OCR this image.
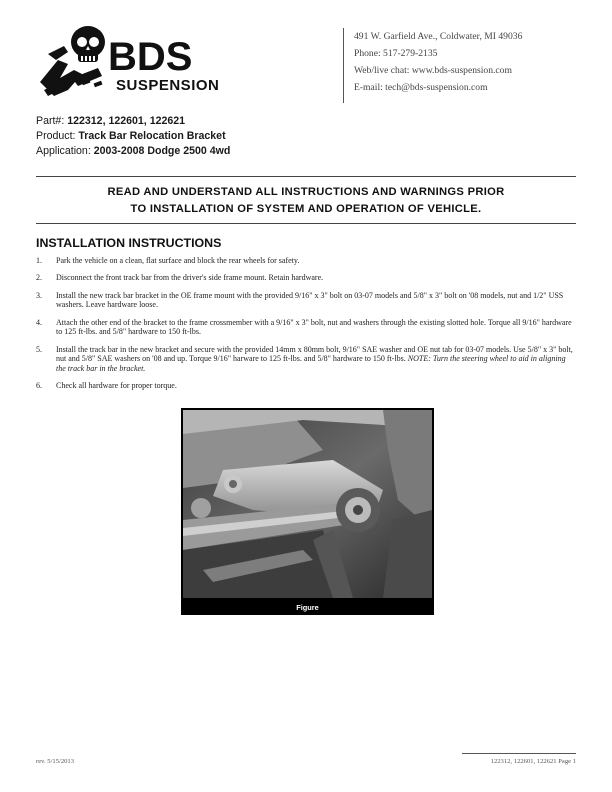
BDS
SUSPENSION
491 W. Garfield Ave., Coldwater, MI 49036
Phone: 517-279-2135
Web/live chat: www.bds-suspension.com
E-mail: tech@bds-suspension.com
Part#: 122312, 122601, 122621
Product: Track Bar Relocation Bracket
Application: 2003-2008 Dodge 2500 4wd
READ AND UNDERSTAND ALL INSTRUCTIONS AND WARNINGS PRIOR
TO INSTALLATION OF SYSTEM AND OPERATION OF VEHICLE.
INSTALLATION INSTRUCTIONS
1. Park the vehicle on a clean, flat surface and block the rear wheels for safety.
2. Disconnect the front track bar from the driver's side frame mount. Retain hardware.
3. Install the new track bar bracket in the OE frame mount with the provided 9/16" x 3" bolt on 03-07 models and 5/8" x 3" bolt on '08 models, nut and 1/2" USS washers. Leave hardware loose.
4. Attach the other end of the bracket to the frame crossmember with a 9/16" x 3" bolt, nut and washers through the existing slotted hole. Torque all 9/16" hardware to 125 ft-lbs. and 5/8" hardware to 150 ft-lbs.
5. Install the track bar in the new bracket and secure with the provided 14mm x 80mm bolt, 9/16" SAE washer and OE nut tab for 03-07 models. Use 5/8" x 3" bolt, nut and 5/8" SAE washers on '08 and up. Torque 9/16" harware to 125 ft-lbs. and 5/8" hardware to 150 ft-lbs. NOTE: Turn the steering wheel to aid in aligning the track bar in the bracket.
6. Check all hardware for proper torque.
Figure
rev. 5/15/2013	122312, 122601, 122621 Page 1
